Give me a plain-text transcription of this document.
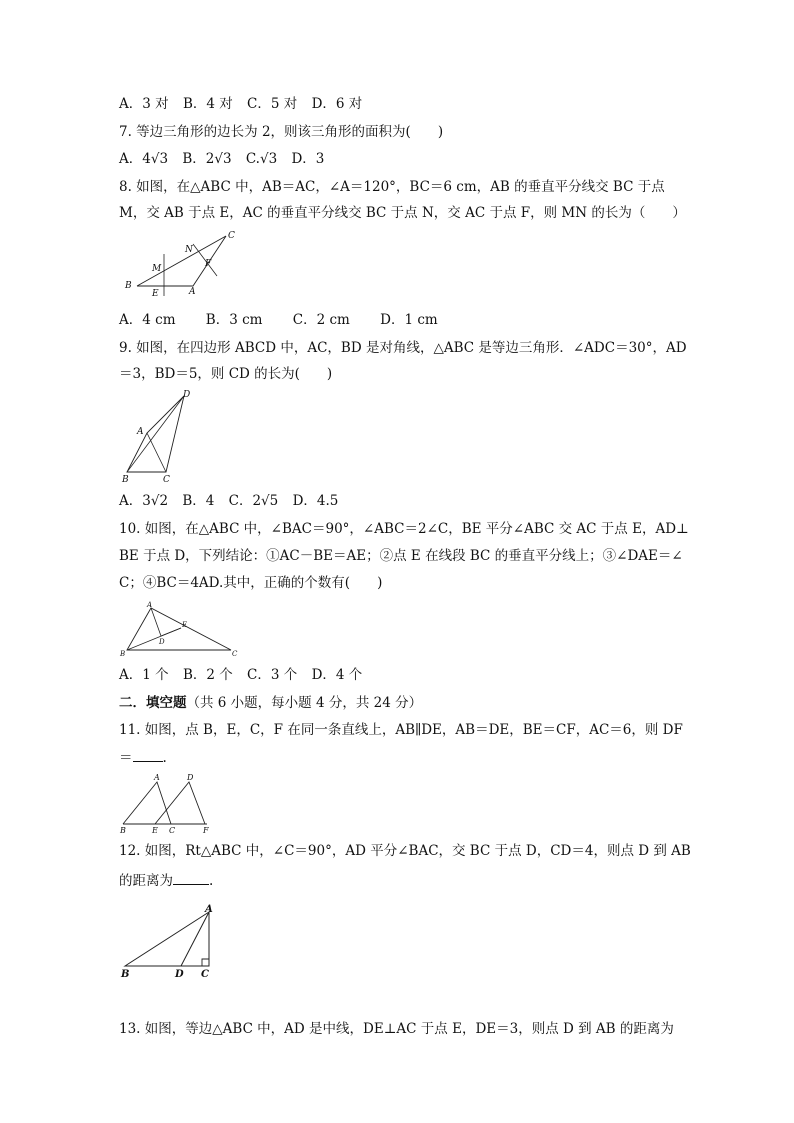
A．3 对 B．4 对 C．5 对 D．6 对
7. 等边三角形的边长为 2，则该三角形的面积为(　　)
A．4√3 B．2√3 C.√3 D．3
8. 如图，在△ABC 中，AB＝AC，∠A＝120°，BC＝6 cm，AB 的垂直平分线交 BC 于点
M，交 AB 于点 E，AC 的垂直平分线交 BC 于点 N，交 AC 于点 F，则 MN 的长为（　　）
B
E
M
A
N
F
C
A．4 cm B．3 cm C．2 cm D．1 cm
9. 如图，在四边形 ABCD 中，AC，BD 是对角线，△ABC 是等边三角形．∠ADC＝30°，AD
＝3，BD＝5，则 CD 的长为(　　)
D
A
B	C
A．3√2 B．4 C．2√5 D．4.5
10. 如图，在△ABC 中，∠BAC＝90°，∠ABC＝2∠C，BE 平分∠ABC 交 AC 于点 E，AD⊥
BE 于点 D，下列结论：①AC－BE＝AE；②点 E 在线段 BC 的垂直平分线上；③∠DAE＝∠
C；④BC＝4AD.其中，正确的个数有(　　)
A
B	C
D
E
A．1 个 B．2 个 C．3 个 D．4 个
二．填空题（共 6 小题，每小题 4 分，共 24 分）
11. 如图，点 B，E，C，F 在同一条直线上，AB∥DE，AB＝DE，BE＝CF，AC＝6，则 DF
＝ .
A	D
B	E C	F
12. 如图，Rt△ABC 中，∠C＝90°，AD 平分∠BAC，交 BC 于点 D，CD＝4，则点 D 到 AB
的距离为	.
A
B	D C
13. 如图，等边△ABC 中，AD 是中线，DE⊥AC 于点 E，DE＝3，则点 D 到 AB 的距离为
